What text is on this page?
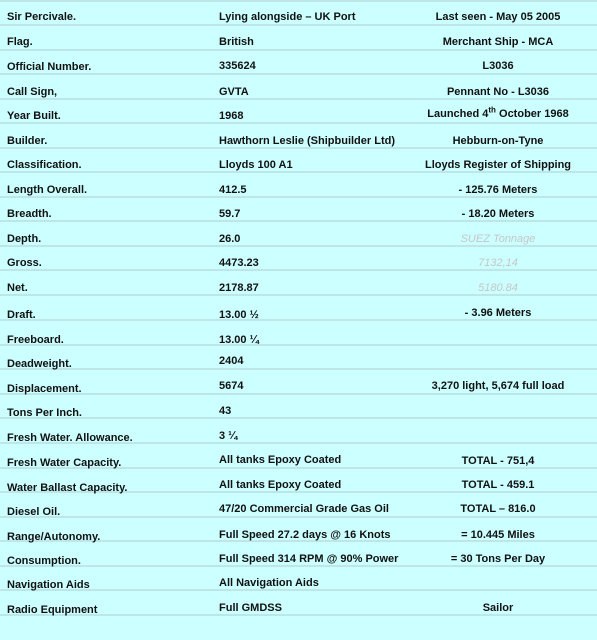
Sir Percivale.	Lying alongside – UK Port	Last seen - May 05 2005
Flag.	British	Merchant Ship - MCA
Official Number.	335624	L3036
Call Sign,	GVTA	Pennant No - L3036
Year Built.	1968	Launched 4th October 1968
Builder.	Hawthorn Leslie (Shipbuilder Ltd)	Hebburn-on-Tyne
Classification.	Lloyds 100 A1	Lloyds Register of Shipping
Length Overall.	412.5	- 125.76 Meters
Breadth.	59.7	- 18.20 Meters
Depth.	26.0	SUEZ Tonnage
Gross.	4473.23	7132,14
Net.	2178.87	5180.84
Draft.	13.00 ½	- 3.96 Meters
Freeboard.	13.00 ¼
Deadweight.	2404
Displacement.	5674	3,270 light, 5,674 full load
Tons Per Inch.	43
Fresh Water. Allowance.	3 ¼
Fresh Water Capacity.	All tanks Epoxy Coated	TOTAL - 751,4
Water Ballast Capacity.	All tanks Epoxy Coated	TOTAL - 459.1
Diesel Oil.	47/20 Commercial Grade Gas Oil	TOTAL – 816.0
Range/Autonomy.	Full Speed 27.2 days @ 16 Knots	= 10.445 Miles
Consumption.	Full Speed 314 RPM @ 90% Power	= 30 Tons Per Day
Navigation Aids	All Navigation Aids
Radio Equipment	Full GMDSS	Sailor
